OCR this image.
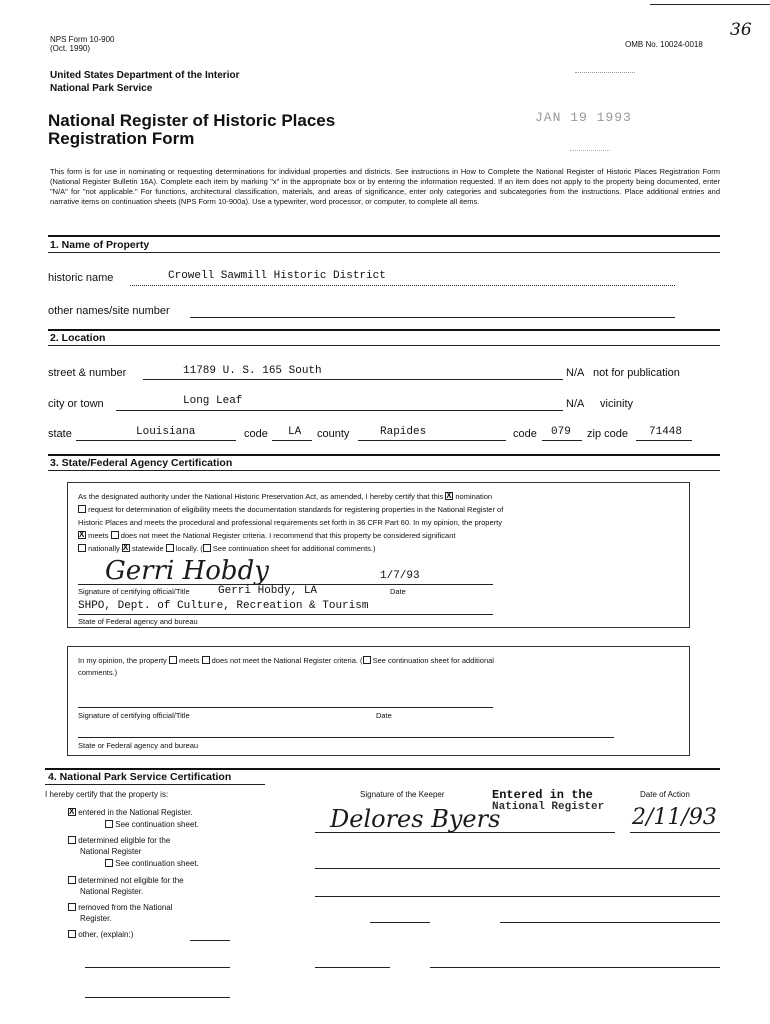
NPS Form 10-900
(Oct. 1990)	OMB No. 10024-0018
36
United States Department of the Interior
National Park Service
National Register of Historic Places
Registration Form
JAN 19 1993
This form is for use in nominating or requesting determinations for individual properties and districts. See instructions in How to Complete the National Register of Historic Places Registration Form (National Register Bulletin 16A). Complete each item by marking "x" in the appropriate box or by entering the information requested. If an item does not apply to the property being documented, enter "N/A" for "not applicable." For functions, architectural classification, materials, and areas of significance, enter only categories and subcategories from the instructions. Place additional entries and narrative items on continuation sheets (NPS Form 10-900a). Use a typewriter, word processor, or computer, to complete all items.
1. Name of Property
historic name	Crowell Sawmill Historic District
other names/site number
2. Location
street & number	11789 U. S. 165 South	N/A not for publication
city or town	Long Leaf	N/A vicinity
state	Louisiana	code LA county	Rapides	code 079 zip code 71448
3. State/Federal Agency Certification
As the designated authority under the National Historic Preservation Act, as amended, I hereby certify that this X nomination
request for determination of eligibility meets the documentation standards for registering properties in the National Register of
Historic Places and meets the procedural and professional requirements set forth in 36 CFR Part 60. In my opinion, the property
X meets does not meet the National Register criteria. I recommend that this property be considered significant
nationally X statewide locally. ( See continuation sheet for additional comments.)
Gerri Hobdy	1/7/93
Signature of certifying official/Title	Gerri Hobdy, LA	Date
SHPO, Dept. of Culture, Recreation & Tourism
State of Federal agency and bureau
In my opinion, the property meets does not meet the National Register criteria. ( See continuation sheet for additional
comments.)
Signature of certifying official/Title	Date
State or Federal agency and bureau
4. National Park Service Certification
I hereby certify that the property is:	Signature of the Keeper	Date of Action
Entered in the
National Register
Delores Byers	2/11/93
X entered in the National Register.
See continuation sheet.
determined eligible for the
National Register
See continuation sheet.
determined not eligible for the
National Register.
removed from the National
Register.
other, (explain:)
